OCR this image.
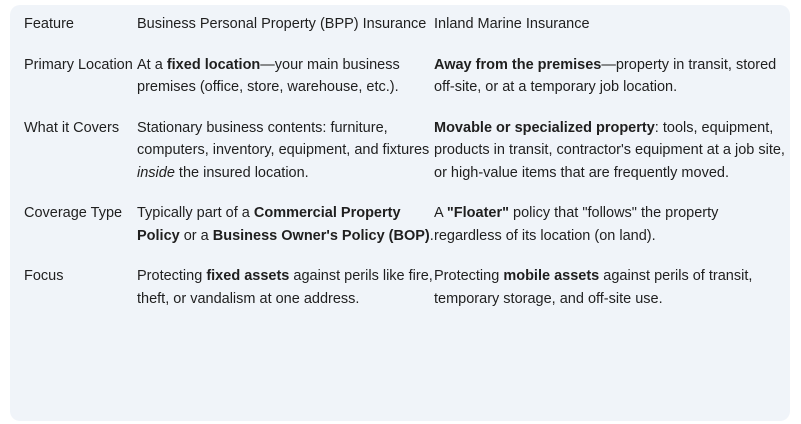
Feature	Business Personal Property (BPP) Insurance	Inland Marine Insurance
Primary Location	At a fixed location—your main business premises (office, store, warehouse, etc.).	Away from the premises—property in transit, stored off-site, or at a temporary job location.
What it Covers	Stationary business contents: furniture, computers, inventory, equipment, and fixtures inside the insured location.	Movable or specialized property: tools, equipment, products in transit, contractor's equipment at a job site, or high-value items that are frequently moved.
Coverage Type	Typically part of a Commercial Property Policy or a Business Owner's Policy (BOP).	A "Floater" policy that "follows" the property regardless of its location (on land).
Focus	Protecting fixed assets against perils like fire, theft, or vandalism at one address.	Protecting mobile assets against perils of transit, temporary storage, and off-site use.
